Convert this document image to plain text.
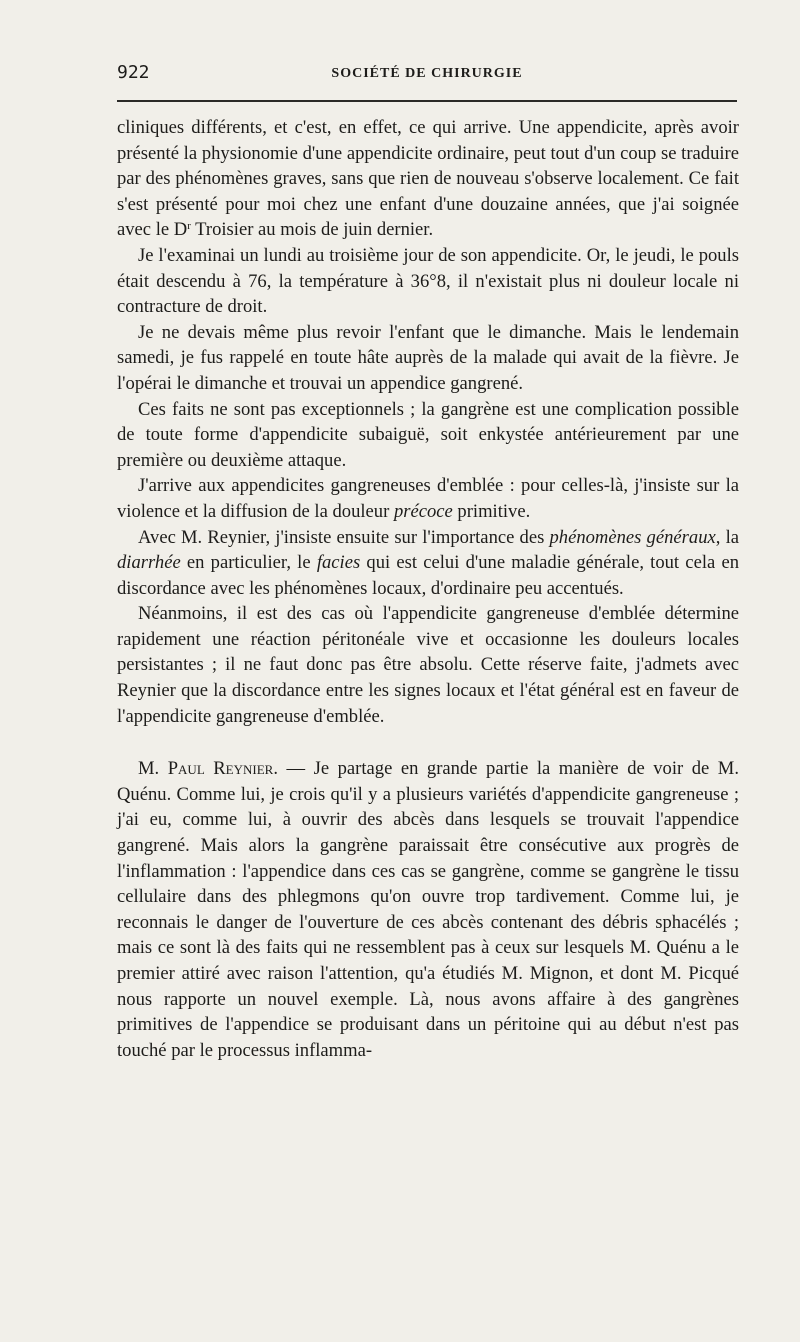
922	SOCIÉTÉ DE CHIRURGIE

cliniques différents, et c'est, en effet, ce qui arrive. Une appendicite, après avoir présenté la physionomie d'une appendicite ordinaire, peut tout d'un coup se traduire par des phénomènes graves, sans que rien de nouveau s'observe localement. Ce fait s'est présenté pour moi chez une enfant d'une douzaine années, que j'ai soignée avec le $D^r$ Troisier au mois de juin dernier.

Je l'examinai un lundi au troisième jour de son appendicite. Or, le jeudi, le pouls était descendu à 76, la température à 36°8, il n'existait plus ni douleur locale ni contracture de droit.

Je ne devais même plus revoir l'enfant que le dimanche. Mais le lendemain samedi, je fus rappelé en toute hâte auprès de la malade qui avait de la fièvre. Je l'opérai le dimanche et trouvai un appendice gangrené.

Ces faits ne sont pas exceptionnels ; la gangrène est une complication possible de toute forme d'appendicite subaiguë, soit enkystée antérieurement par une première ou deuxième attaque.

J'arrive aux appendicites gangreneuses d'emblée : pour celles-là, j'insiste sur la violence et la diffusion de la douleur précoce primitive.

Avec M. Reynier, j'insiste ensuite sur l'importance des phénomènes généraux, la diarrhée en particulier, le facies qui est celui d'une maladie générale, tout cela en discordance avec les phénomènes locaux, d'ordinaire peu accentués.

Néanmoins, il est des cas où l'appendicite gangreneuse d'emblée détermine rapidement une réaction péritonéale vive et occasionne les douleurs locales persistantes ; il ne faut donc pas être absolu. Cette réserve faite, j'admets avec Reynier que la discordance entre les signes locaux et l'état général est en faveur de l'appendicite gangreneuse d'emblée.

M. Paul Reynier. — Je partage en grande partie la manière de voir de M. Quénu. Comme lui, je crois qu'il y a plusieurs variétés d'appendicite gangreneuse ; j'ai eu, comme lui, à ouvrir des abcès dans lesquels se trouvait l'appendice gangrené. Mais alors la gangrène paraissait être consécutive aux progrès de l'inflammation : l'appendice dans ces cas se gangrène, comme se gangrène le tissu cellulaire dans des phlegmons qu'on ouvre trop tardivement. Comme lui, je reconnais le danger de l'ouverture de ces abcès contenant des débris sphacélés ; mais ce sont là des faits qui ne ressemblent pas à ceux sur lesquels M. Quénu a le premier attiré avec raison l'attention, qu'a étudiés M. Mignon, et dont M. Picqué nous rapporte un nouvel exemple. Là, nous avons affaire à des gangrènes primitives de l'appendice se produisant dans un péritoine qui au début n'est pas touché par le processus inflamma-
